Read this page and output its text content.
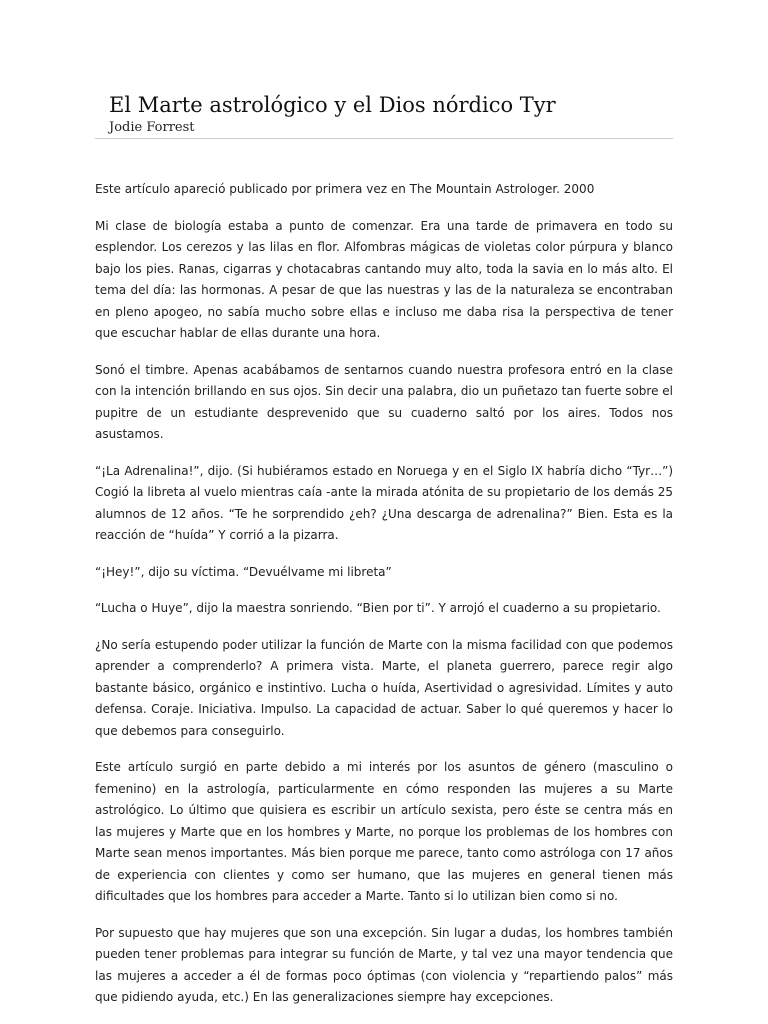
El Marte astrológico y el Dios nórdico Tyr
Jodie Forrest

Este artículo apareció publicado por primera vez en The Mountain Astrologer. 2000

Mi clase de biología estaba a punto de comenzar. Era una tarde de primavera en todo su esplendor. Los cerezos y las lilas en flor. Alfombras mágicas de violetas color púrpura y blanco bajo los pies. Ranas, cigarras y chotacabras cantando muy alto, toda la savia en lo más alto. El tema del día: las hormonas. A pesar de que las nuestras y las de la naturaleza se encontraban en pleno apogeo, no sabía mucho sobre ellas e incluso me daba risa la perspectiva de tener que escuchar hablar de ellas durante una hora.

Sonó el timbre. Apenas acabábamos de sentarnos cuando nuestra profesora entró en la clase con la intención brillando en sus ojos. Sin decir una palabra, dio un puñetazo tan fuerte sobre el pupitre de un estudiante desprevenido que su cuaderno saltó por los aires. Todos nos asustamos.

“¡La Adrenalina!”, dijo. (Si hubiéramos estado en Noruega y en el Siglo IX habría dicho “Tyr…”) Cogió la libreta al vuelo mientras caía -ante la mirada atónita de su propietario de los demás 25 alumnos de 12 años. “Te he sorprendido ¿eh? ¿Una descarga de adrenalina?” Bien. Esta es la reacción de “huída” Y corrió a la pizarra.

“¡Hey!”, dijo su víctima. “Devuélvame mi libreta”

“Lucha o Huye”, dijo la maestra sonriendo. “Bien por ti”. Y arrojó el cuaderno a su propietario.

¿No sería estupendo poder utilizar la función de Marte con la misma facilidad con que podemos aprender a comprenderlo? A primera vista. Marte, el planeta guerrero, parece regir algo bastante básico, orgánico e instintivo. Lucha o huída, Asertividad o agresividad. Límites y auto defensa. Coraje. Iniciativa. Impulso. La capacidad de actuar. Saber lo qué queremos y hacer lo que debemos para conseguirlo.

Este artículo surgió en parte debido a mi interés por los asuntos de género (masculino o femenino) en la astrología, particularmente en cómo responden las mujeres a su Marte astrológico. Lo último que quisiera es escribir un artículo sexista, pero éste se centra más en las mujeres y Marte que en los hombres y Marte, no porque los problemas de los hombres con Marte sean menos importantes. Más bien porque me parece, tanto como astróloga con 17 años de experiencia con clientes y como ser humano, que las mujeres en general tienen más dificultades que los hombres para acceder a Marte. Tanto si lo utilizan bien como si no.

Por supuesto que hay mujeres que son una excepción. Sin lugar a dudas, los hombres también pueden tener problemas para integrar su función de Marte, y tal vez una mayor tendencia que las mujeres a acceder a él de formas poco óptimas (con violencia y “repartiendo palos” más que pidiendo ayuda, etc.) En las generalizaciones siempre hay excepciones.
